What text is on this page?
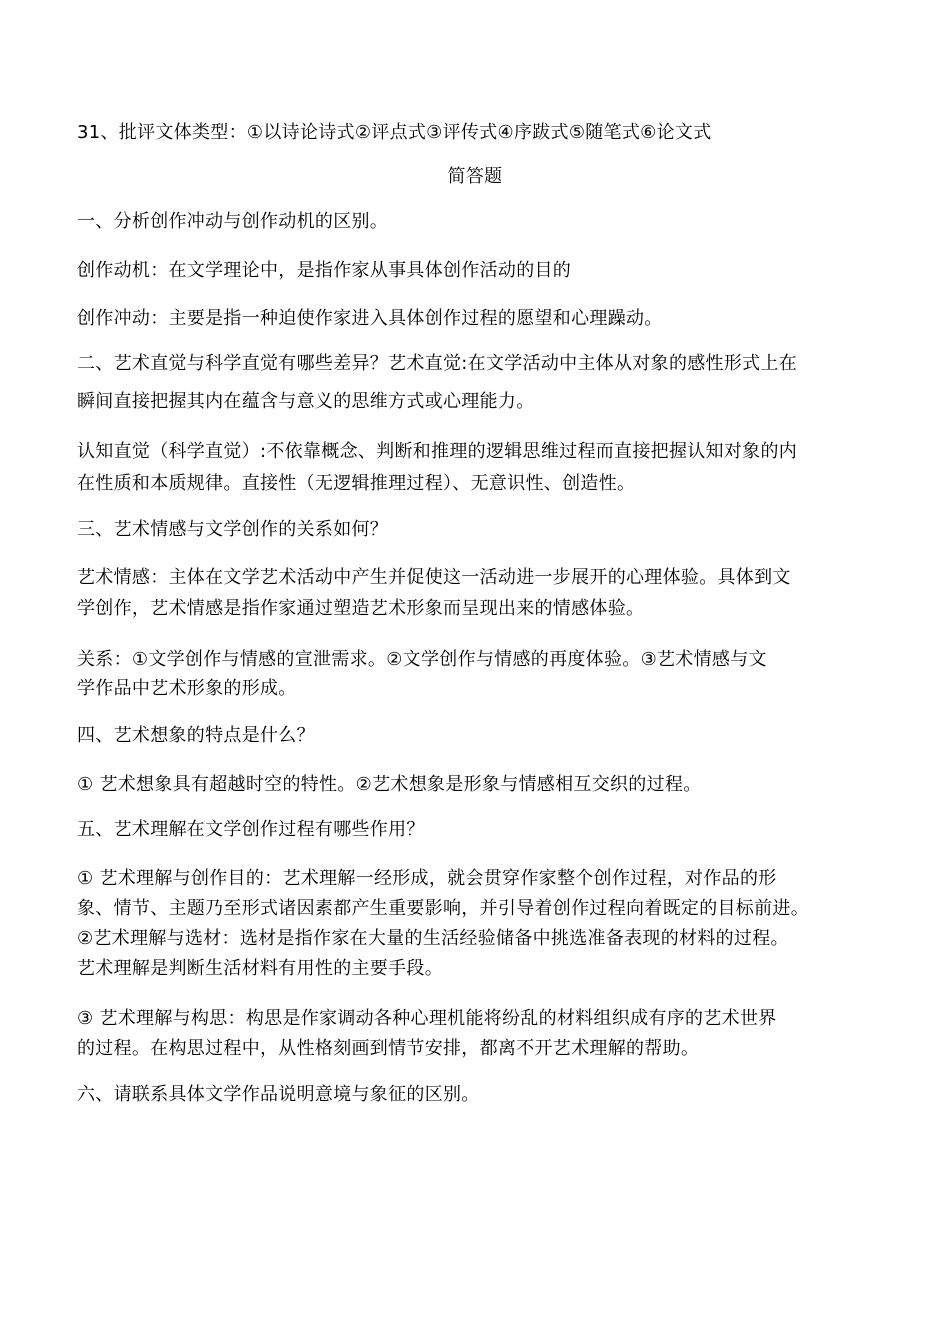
31、批评文体类型：①以诗论诗式②评点式③评传式④序跋式⑤随笔式⑥论文式
简答题
一、分析创作冲动与创作动机的区别。
创作动机：在文学理论中，是指作家从事具体创作活动的目的
创作冲动：主要是指一种迫使作家进入具体创作过程的愿望和心理躁动。
二、艺术直觉与科学直觉有哪些差异？艺术直觉:在文学活动中主体从对象的感性形式上在
瞬间直接把握其内在蕴含与意义的思维方式或心理能力。
认知直觉（科学直觉）:不依靠概念、判断和推理的逻辑思维过程而直接把握认知对象的内
在性质和本质规律。直接性（无逻辑推理过程）、无意识性、创造性。
三、艺术情感与文学创作的关系如何？
艺术情感：主体在文学艺术活动中产生并促使这一活动进一步展开的心理体验。具体到文
学创作，艺术情感是指作家通过塑造艺术形象而呈现出来的情感体验。
关系：①文学创作与情感的宣泄需求。②文学创作与情感的再度体验。③艺术情感与文
学作品中艺术形象的形成。
四、艺术想象的特点是什么？
① 艺术想象具有超越时空的特性。②艺术想象是形象与情感相互交织的过程。
五、艺术理解在文学创作过程有哪些作用？
① 艺术理解与创作目的：艺术理解一经形成，就会贯穿作家整个创作过程，对作品的形
象、情节、主题乃至形式诸因素都产生重要影响，并引导着创作过程向着既定的目标前进。
②艺术理解与选材：选材是指作家在大量的生活经验储备中挑选准备表现的材料的过程。
艺术理解是判断生活材料有用性的主要手段。
③ 艺术理解与构思：构思是作家调动各种心理机能将纷乱的材料组织成有序的艺术世界
的过程。在构思过程中，从性格刻画到情节安排，都离不开艺术理解的帮助。
六、请联系具体文学作品说明意境与象征的区别。
